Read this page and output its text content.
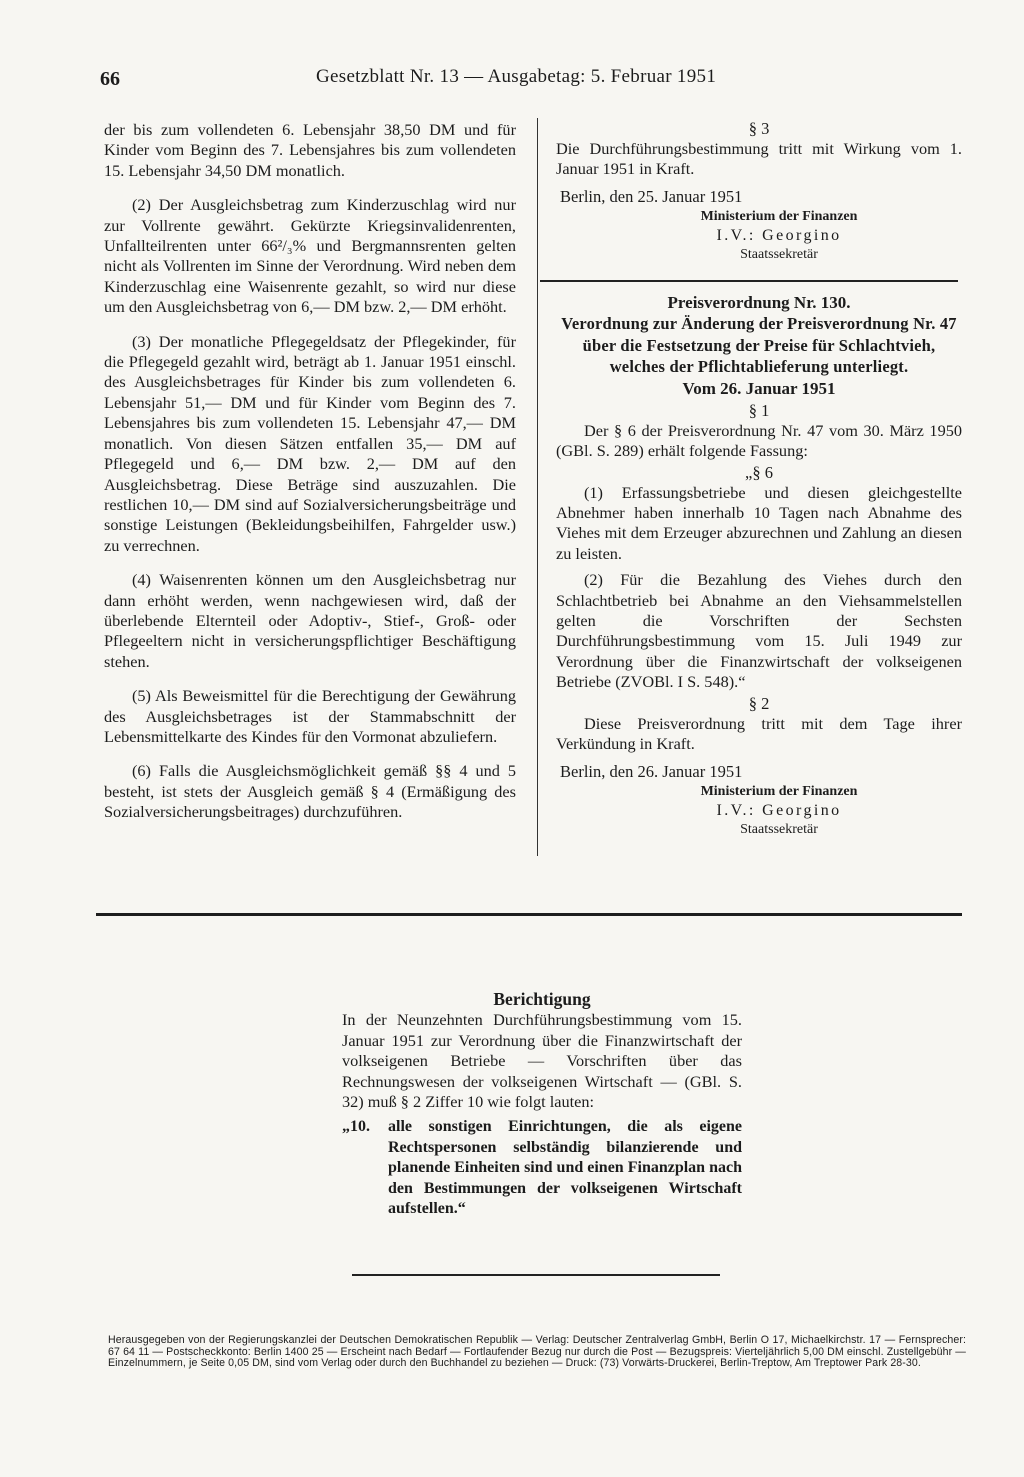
66	Gesetzblatt Nr. 13 — Ausgabetag: 5. Februar 1951

der bis zum vollendeten 6. Lebensjahr 38,50 DM und für Kinder vom Beginn des 7. Lebensjahres bis zum vollendeten 15. Lebensjahr 34,50 DM monatlich.

(2) Der Ausgleichsbetrag zum Kinderzuschlag wird nur zur Vollrente gewährt. Gekürzte Kriegsinvalidenrenten, Unfallteilrenten unter 66²/₃% und Bergmannsrenten gelten nicht als Vollrenten im Sinne der Verordnung. Wird neben dem Kinderzuschlag eine Waisenrente gezahlt, so wird nur diese um den Ausgleichsbetrag von 6,— DM bzw. 2,— DM erhöht.

(3) Der monatliche Pflegegeldsatz der Pflegekinder, für die Pflegegeld gezahlt wird, beträgt ab 1. Januar 1951 einschl. des Ausgleichsbetrages für Kinder bis zum vollendeten 6. Lebensjahr 51,— DM und für Kinder vom Beginn des 7. Lebensjahres bis zum vollendeten 15. Lebensjahr 47,— DM monatlich. Von diesen Sätzen entfallen 35,— DM auf Pflegegeld und 6,— DM bzw. 2,— DM auf den Ausgleichsbetrag. Diese Beträge sind auszuzahlen. Die restlichen 10,— DM sind auf Sozialversicherungsbeiträge und sonstige Leistungen (Bekleidungsbeihilfen, Fahrgelder usw.) zu verrechnen.

(4) Waisenrenten können um den Ausgleichsbetrag nur dann erhöht werden, wenn nachgewiesen wird, daß der überlebende Elternteil oder Adoptiv-, Stief-, Groß- oder Pflegeeltern nicht in versicherungspflichtiger Beschäftigung stehen.

(5) Als Beweismittel für die Berechtigung der Gewährung des Ausgleichsbetrages ist der Stammabschnitt der Lebensmittelkarte des Kindes für den Vormonat abzuliefern.

(6) Falls die Ausgleichsmöglichkeit gemäß §§ 4 und 5 besteht, ist stets der Ausgleich gemäß § 4 (Ermäßigung des Sozialversicherungsbeitrages) durchzuführen.

§ 3

Die Durchführungsbestimmung tritt mit Wirkung vom 1. Januar 1951 in Kraft.

Berlin, den 25. Januar 1951

Ministerium der Finanzen

I.V.: Georgino

Staatssekretär

Preisverordnung Nr. 130.

Verordnung zur Änderung der Preisverordnung Nr. 47 über die Festsetzung der Preise für Schlachtvieh, welches der Pflichtablieferung unterliegt.

Vom 26. Januar 1951

§ 1

Der § 6 der Preisverordnung Nr. 47 vom 30. März 1950 (GBl. S. 289) erhält folgende Fassung:

„§ 6

(1) Erfassungsbetriebe und diesen gleichgestellte Abnehmer haben innerhalb 10 Tagen nach Abnahme des Viehes mit dem Erzeuger abzurechnen und Zahlung an diesen zu leisten.

(2) Für die Bezahlung des Viehes durch den Schlachtbetrieb bei Abnahme an den Viehsammelstellen gelten die Vorschriften der Sechsten Durchführungsbestimmung vom 15. Juli 1949 zur Verordnung über die Finanzwirtschaft der volkseigenen Betriebe (ZVOBl. I S. 548).“

§ 2

Diese Preisverordnung tritt mit dem Tage ihrer Verkündung in Kraft.

Berlin, den 26. Januar 1951

Ministerium der Finanzen

I.V.: Georgino

Staatssekretär

Berichtigung

In der Neunzehnten Durchführungsbestimmung vom 15. Januar 1951 zur Verordnung über die Finanzwirtschaft der volkseigenen Betriebe — Vorschriften über das Rechnungswesen der volkseigenen Wirtschaft — (GBl. S. 32) muß § 2 Ziffer 10 wie folgt lauten:

„10. alle sonstigen Einrichtungen, die als eigene Rechtspersonen selbständig bilanzierende und planende Einheiten sind und einen Finanzplan nach den Bestimmungen der volkseigenen Wirtschaft aufstellen.“

Herausgegeben von der Regierungskanzlei der Deutschen Demokratischen Republik — Verlag: Deutscher Zentralverlag GmbH, Berlin O 17, Michaelkirchstr. 17 — Fernsprecher: 67 64 11 — Postscheckkonto: Berlin 1400 25 — Erscheint nach Bedarf — Fortlaufender Bezug nur durch die Post — Bezugspreis: Vierteljährlich 5,00 DM einschl. Zustellgebühr — Einzelnummern, je Seite 0,05 DM, sind vom Verlag oder durch den Buchhandel zu beziehen — Druck: (73) Vorwärts-Druckerei, Berlin-Treptow, Am Treptower Park 28-30.
